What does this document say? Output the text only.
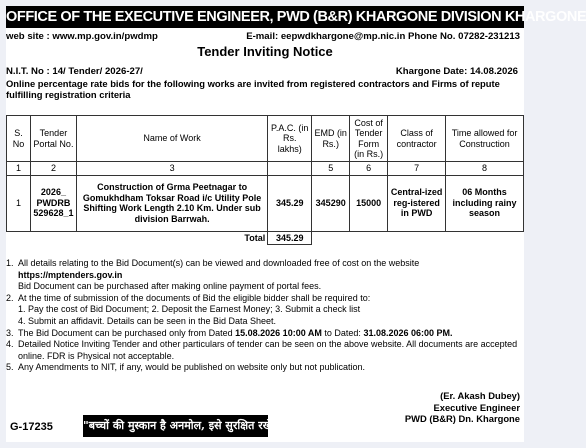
OFFICE OF THE EXECUTIVE ENGINEER, PWD (B&R) KHARGONE DIVISION KHARGONE
web site : www.mp.gov.in/pwdmp	E-mail: eepwdkhargone@mp.nic.in Phone No. 07282-231213
Tender Inviting Notice
N.I.T. No : 14/ Tender/ 2026-27/	Khargone Date: 14.08.2026
Online percentage rate bids for the following works are invited from registered contractors and Firms of repute fulfilling registration criteria
S. No	Tender Portal No.	Name of Work	P.A.C. (in Rs. lakhs)	EMD (in Rs.)	Cost of Tender Form (in Rs.)	Class of contractor	Time allowed for Construction
1	2	3		5	6	7	8
1	2026_ PWDRB 529628_1	Construction of Grma Peetnagar to Gomukhdham Toksar Road i/c Utility Pole Shifting Work Length 2.10 Km. Under sub division Barrwah.	345.29	345290	15000	Central-ized reg-istered in PWD	06 Months including rainy season
		Total	345.29				
1. All details relating to the Bid Document(s) can be viewed and downloaded free of cost on the website
https://mptenders.gov.in
Bid Document can be purchased after making online payment of portal fees.
2. At the time of submission of the documents of Bid the eligible bidder shall be required to:
1. Pay the cost of Bid Document; 2. Deposit the Earnest Money; 3. Submit a check list
4. Submit an affidavit. Details can be seen in the Bid Data Sheet.
3. The Bid Document can be purchased only from Dated 15.08.2026 10:00 AM to Dated: 31.08.2026 06:00 PM.
4. Detailed Notice Inviting Tender and other particulars of tender can be seen on the above website. All documents are accepted online. FDR is Physical not acceptable.
5. Any Amendments to NIT, if any, would be published on website only but not publication.
(Er. Akash Dubey)
Executive Engineer
PWD (B&R) Dn. Khargone
G-17235	"बच्चों की मुस्कान है अनमोल, इसे सुरक्षित रखें हर हाल"
